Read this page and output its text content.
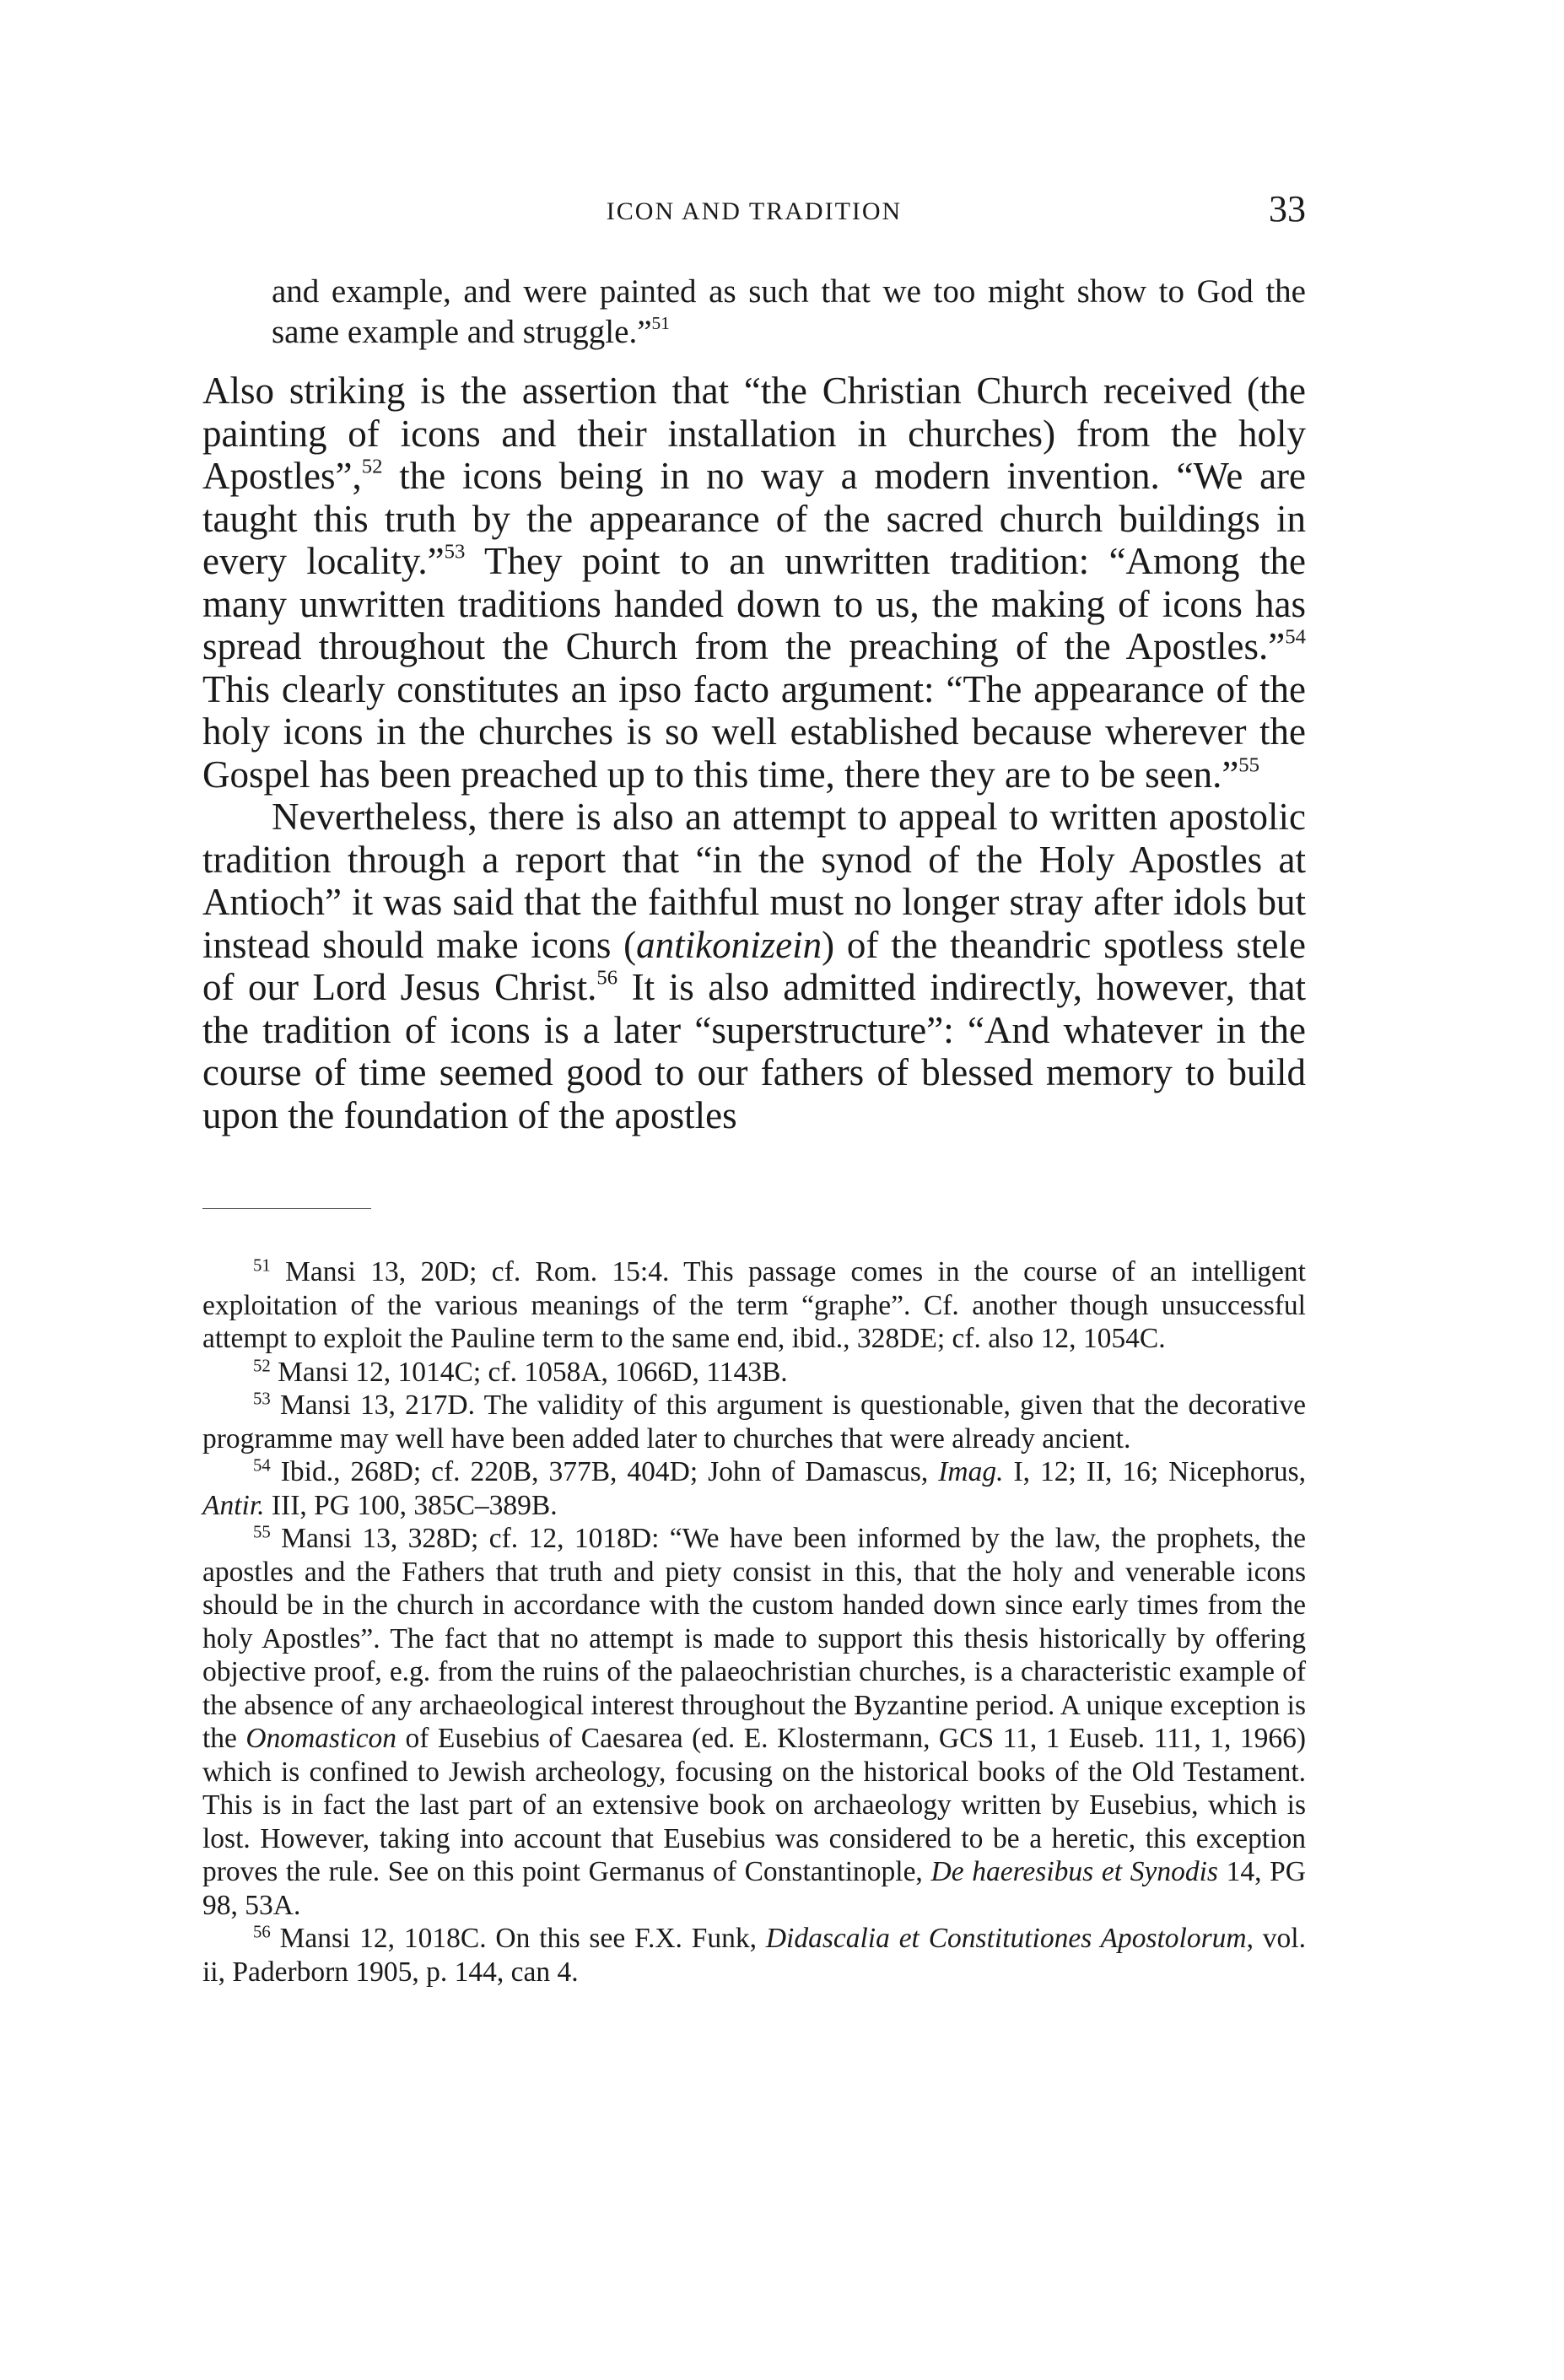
ICON AND TRADITION	33

and example, and were painted as such that we too might show to God the same example and struggle.”$^{51}$

Also striking is the assertion that “the Christian Church received (the painting of icons and their installation in churches) from the holy Apostles”,$^{52}$ the icons being in no way a modern invention. “We are taught this truth by the appearance of the sacred church buildings in every locality.”$^{53}$ They point to an unwritten tradition: “Among the many unwritten traditions handed down to us, the making of icons has spread throughout the Church from the preaching of the Apostles.”$^{54}$ This clearly constitutes an ipso facto argument: “The appearance of the holy icons in the churches is so well established because wherever the Gospel has been preached up to this time, there they are to be seen.”$^{55}$

Nevertheless, there is also an attempt to appeal to written apostolic tradition through a report that “in the synod of the Holy Apostles at Antioch” it was said that the faithful must no longer stray after idols but instead should make icons (antikonizein) of the theandric spotless stele of our Lord Jesus Christ.$^{56}$ It is also admitted indirectly, however, that the tradition of icons is a later “superstructure”: “And whatever in the course of time seemed good to our fathers of blessed memory to build upon the foundation of the apostles

$^{51}$ Mansi 13, 20D; cf. Rom. 15:4. This passage comes in the course of an intelligent exploitation of the various meanings of the term “graphe”. Cf. another though unsuccessful attempt to exploit the Pauline term to the same end, ibid., 328DE; cf. also 12, 1054C.

$^{52}$ Mansi 12, 1014C; cf. 1058A, 1066D, 1143B.

$^{53}$ Mansi 13, 217D. The validity of this argument is questionable, given that the decorative programme may well have been added later to churches that were already ancient.

$^{54}$ Ibid., 268D; cf. 220B, 377B, 404D; John of Damascus, Imag. I, 12; II, 16; Nicephorus, Antir. III, PG 100, 385C–389B.

$^{55}$ Mansi 13, 328D; cf. 12, 1018D: “We have been informed by the law, the prophets, the apostles and the Fathers that truth and piety consist in this, that the holy and venerable icons should be in the church in accordance with the custom handed down since early times from the holy Apostles”. The fact that no attempt is made to support this thesis historically by offering objective proof, e.g. from the ruins of the palaeochristian churches, is a characteristic example of the absence of any archaeological interest throughout the Byzantine period. A unique exception is the Onomasticon of Eusebius of Caesarea (ed. E. Klostermann, GCS 11, 1 Euseb. 111, 1, 1966) which is confined to Jewish archeology, focusing on the historical books of the Old Testament. This is in fact the last part of an extensive book on archaeology written by Eusebius, which is lost. However, taking into account that Eusebius was considered to be a heretic, this exception proves the rule. See on this point Germanus of Constantinople, De haeresibus et Synodis 14, PG 98, 53A.

$^{56}$ Mansi 12, 1018C. On this see F.X. Funk, Didascalia et Constitutiones Apostolorum, vol. ii, Paderborn 1905, p. 144, can 4.
